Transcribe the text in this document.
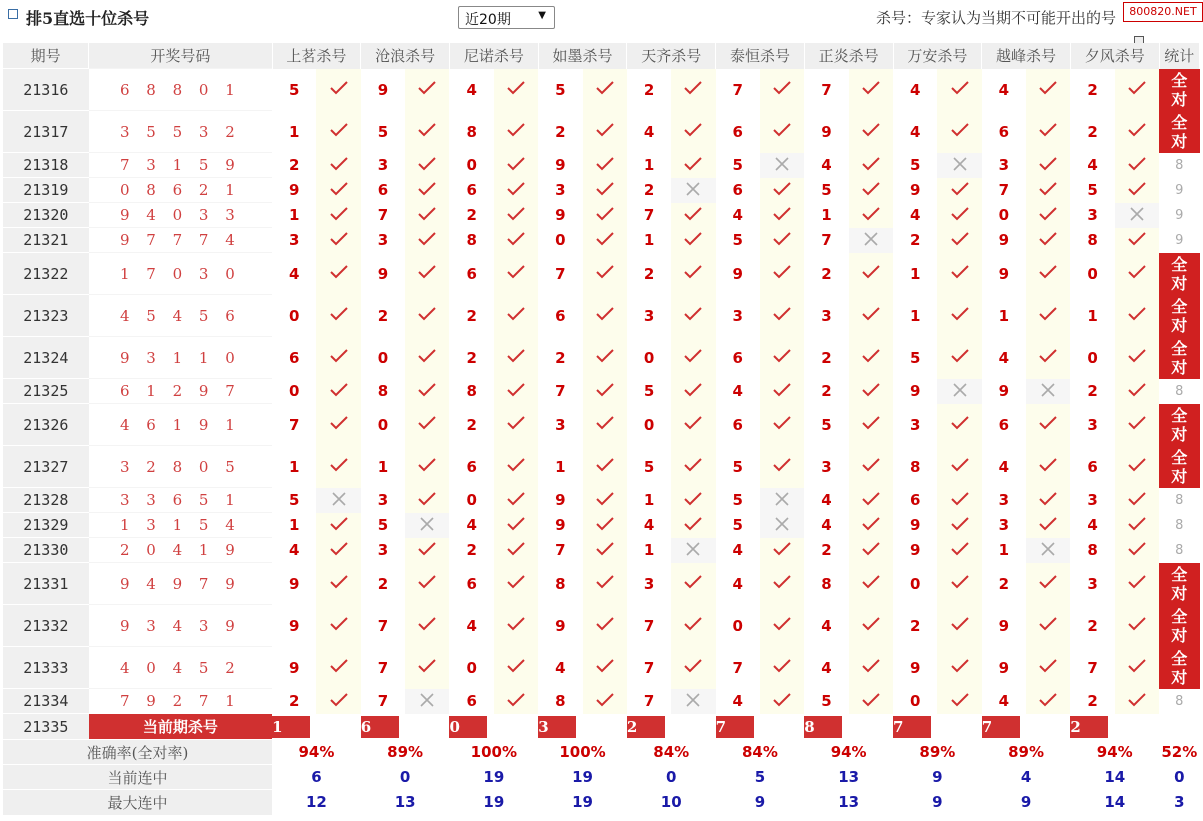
排5直选十位杀号	近20期	▼	杀号：专家认为当期不可能开出的号	800820.NET
期号	开奖号码	上茗杀号		沧浪杀号		尼诺杀号		如墨杀号		天齐杀号		泰恒杀号		正炎杀号		万安杀号		越峰杀号		夕风杀号		统计
21316	6 8 8 0 1	5		9		4		5		2		7		7		4		4		2		全对
21317	3 5 5 3 2	1		5		8		2		4		6		9		4		6		2		全对
21318	7 3 1 5 9	2		3		0		9		1		5		4		5		3		4		8
21319	0 8 6 2 1	9		6		6		3		2		6		5		9		7		5		9
21320	9 4 0 3 3	1		7		2		9		7		4		1		4		0		3		9
21321	9 7 7 7 4	3		3		8		0		1		5		7		2		9		8		9
21322	1 7 0 3 0	4		9		6		7		2		9		2		1		9		0		全对
21323	4 5 4 5 6	0		2		2		6		3		3		3		1		1		1		全对
21324	9 3 1 1 0	6		0		2		2		0		6		2		5		4		0		全对
21325	6 1 2 9 7	0		8		8		7		5		4		2		9		9		2		8
21326	4 6 1 9 1	7		0		2		3		0		6		5		3		6		3		全对
21327	3 2 8 0 5	1		1		6		1		5		5		3		8		4		6		全对
21328	3 3 6 5 1	5		3		0		9		1		5		4		6		3		3		8
21329	1 3 1 5 4	1		5		4		9		4		5		4		9		3		4		8
21330	2 0 4 1 9	4		3		2		7		1		4		2		9		1		8		8
21331	9 4 9 7 9	9		2		6		8		3		4		8		0		2		3		全对
21332	9 3 4 3 9	9		7		4		9		7		0		4		2		9		2		全对
21333	4 0 4 5 2	9		7		0		4		7		7		4		9		9		7		全对
21334	7 9 2 7 1	2		7		6		8		7		4		5		0		4		2		8
21335	当前期杀号	1		6		0		3		2		7		8		7		7		2		
准确率(全对率)		94%		89%		100%		100%		84%		84%		94%		89%		89%		94%		52%
当前连中		6		0		19		19		0		5		13		9		4		14		0
最大连中		12		13		19		19		10		9		13		9		9		14		3
